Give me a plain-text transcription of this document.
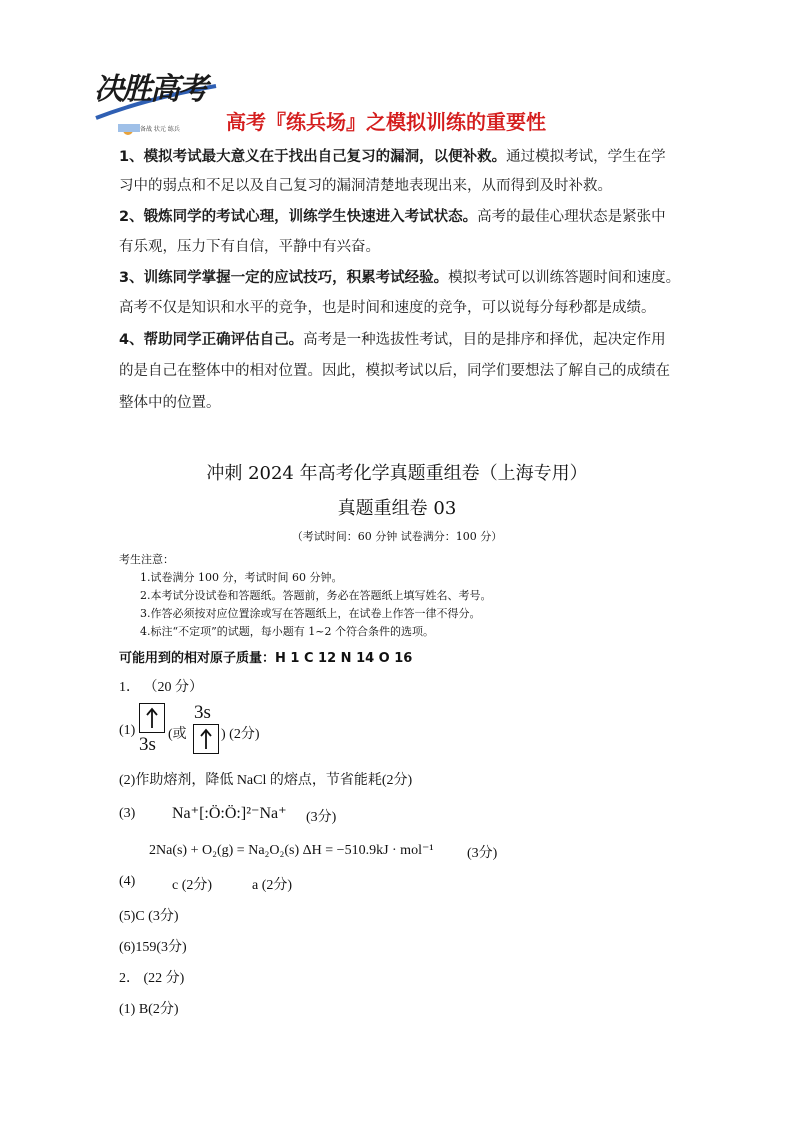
决胜高考
备战 状元 练兵 高考『练兵场』之模拟训练的重要性

1、模拟考试最大意义在于找出自己复习的漏洞，以便补救。通过模拟考试，学生在学

习中的弱点和不足以及自己复习的漏洞清楚地表现出来，从而得到及时补救。

2、锻炼同学的考试心理，训练学生快速进入考试状态。高考的最佳心理状态是紧张中

有乐观，压力下有自信，平静中有兴奋。

3、训练同学掌握一定的应试技巧，积累考试经验。模拟考试可以训练答题时间和速度。

高考不仅是知识和水平的竞争，也是时间和速度的竞争，可以说每分每秒都是成绩。

4、帮助同学正确评估自己。高考是一种选拔性考试，目的是排序和择优，起决定作用

的是自己在整体中的相对位置。因此，模拟考试以后，同学们要想法了解自己的成绩在

整体中的位置。

冲刺 2024 年高考化学真题重组卷（上海专用）
真题重组卷 03
（考试时间：60 分钟 试卷满分：100 分）
考生注意：
1.试卷满分 100 分，考试时间 60 分钟。
2.本考试分设试卷和答题纸。答题前，务必在答题纸上填写姓名、考号。
3.作答必须按对应位置涂或写在答题纸上，在试卷上作答一律不得分。
4.标注“不定项”的试题，每小题有 1~2 个符合条件的选项。
可能用到的相对原子质量：H 1 C 12 N 14 O 16
1． （20 分）
(1)
3s (或
3s
) (2分)
(2)作助熔剂，降低 NaCl 的熔点，节省能耗(2分)
(3) Na⁺[:Ö:Ö:]²⁻Na⁺ (3分)
2Na(s) + O₂(g) = Na₂O₂(s) ΔH = −510.9kJ · mol⁻¹ (3分)
(4)	c (2分)	a (2分)
(5)C (3分)
(6)159(3分)
2． (22 分)
(1) B(2分)
